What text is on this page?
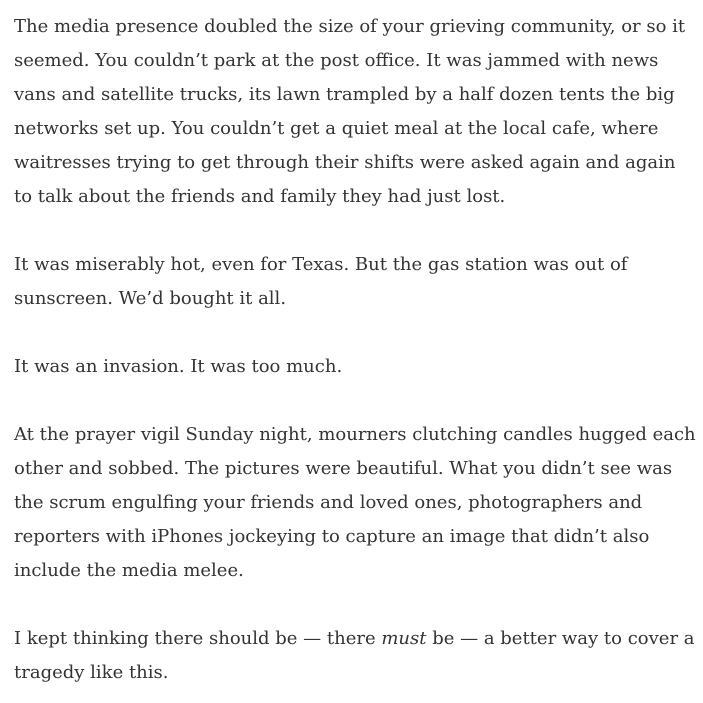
The media presence doubled the size of your grieving community, or so it seemed. You couldn’t park at the post office. It was jammed with news vans and satellite trucks, its lawn trampled by a half dozen tents the big networks set up. You couldn’t get a quiet meal at the local cafe, where waitresses trying to get through their shifts were asked again and again to talk about the friends and family they had just lost.

It was miserably hot, even for Texas. But the gas station was out of sunscreen. We’d bought it all.

It was an invasion. It was too much.

At the prayer vigil Sunday night, mourners clutching candles hugged each other and sobbed. The pictures were beautiful. What you didn’t see was the scrum engulfing your friends and loved ones, photographers and reporters with iPhones jockeying to capture an image that didn’t also include the media melee.

I kept thinking there should be — there must be — a better way to cover a tragedy like this.
